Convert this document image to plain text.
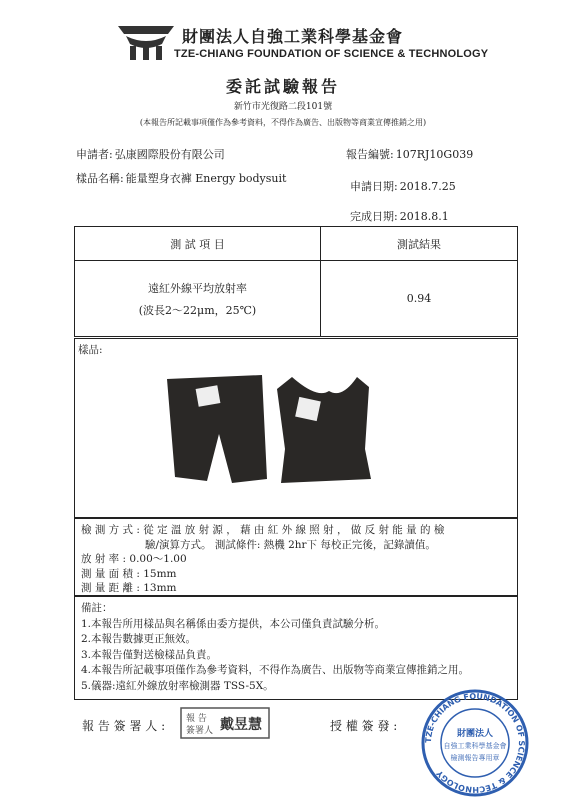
財團法人自強工業科學基金會
TZE-CHIANG FOUNDATION OF SCIENCE & TECHNOLOGY
委託試驗報告
新竹市光復路二段101號
(本報告所記載事項僅作為參考資料，不得作為廣告、出版物等商業宣傳推銷之用)
申請者: 弘康國際股份有限公司	報告編號: 107RJ10G039
樣品名稱: 能量塑身衣褲 Energy bodysuit
申請日期: 2018.7.25
完成日期: 2018.8.1
測 試 項 目	測試結果

遠紅外線平均放射率
(波長2～22μm，25℃)	0.94
樣品:
檢 測 方 式 : 從 定 溫 放 射 源 ， 藉 由 紅 外 線 照 射 ， 做 反 射 能 量 的 檢
驗/演算方式。 測試條件: 熱機 2hr下 每校正完後，記錄讀值。
放 射 率 : 0.00～1.00
測 量 面 積 : 15mm
測 量 距 離 : 13mm
備註：
1.本報告所用樣品與名稱係由委方提供，本公司僅負責試驗分析。
2.本報告數據更正無效。
3.本報告僅對送檢樣品負責。
4.本報告所記載事項僅作為參考資料，不得作為廣告、出版物等商業宣傳推銷之用。
5.儀器:遠紅外線放射率檢測器 TSS-5X。
報 告 簽 署 人 : 報 告
簽署人 戴昱慧	授 權 簽 發 :
TZE-CHIANG FOUNDATION OF SCIENCE & TECHNOLOGY
財團法人
自強工業科學基金會
檢測報告專用章
